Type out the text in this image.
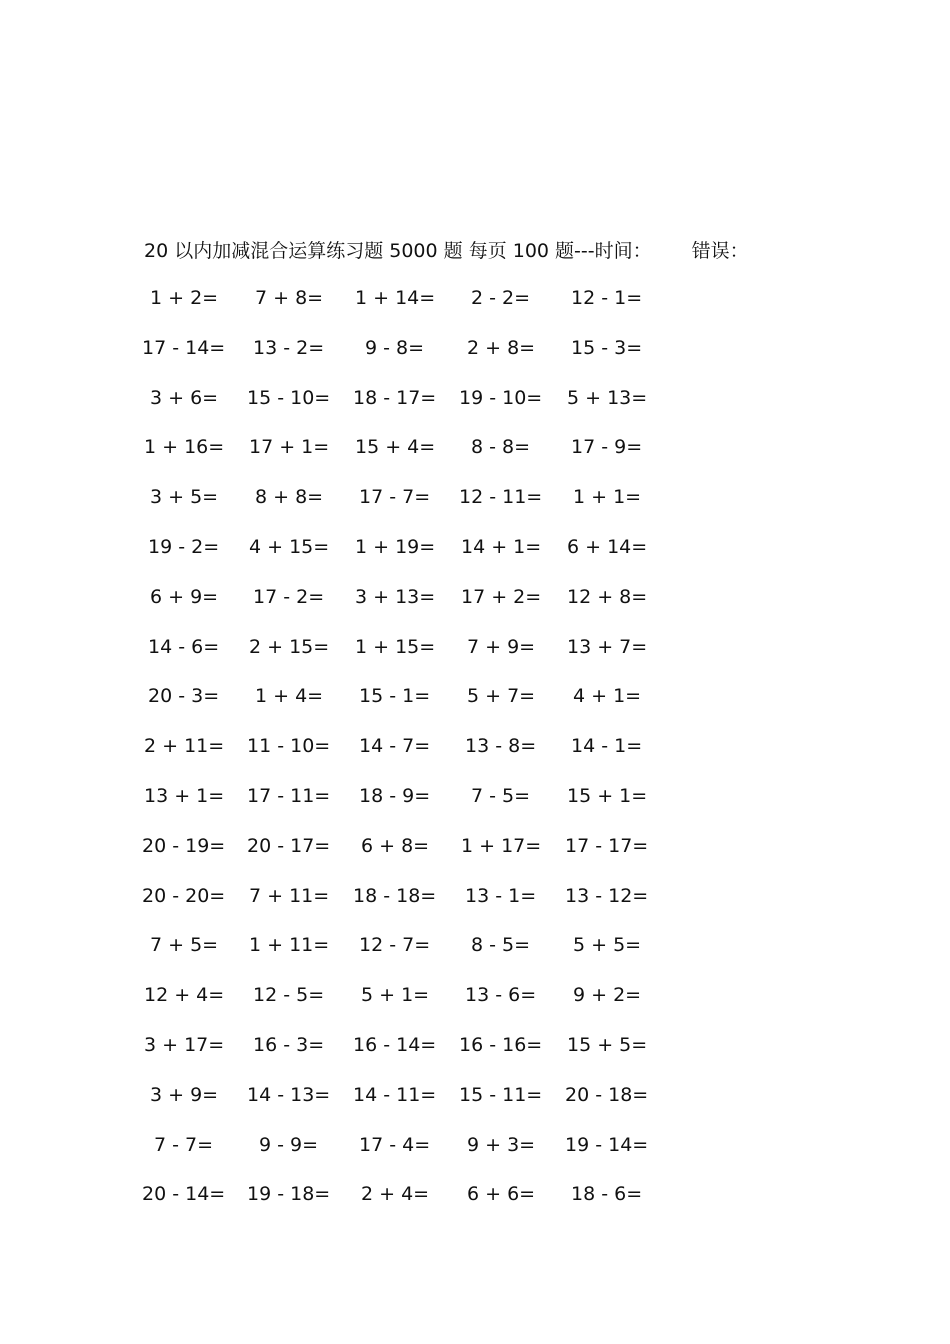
20 以内加减混合运算练习题 5000 题 每页 100 题---时间： 错误：
1 + 2= 7 + 8= 1 + 14= 2 - 2= 12 - 1=
17 - 14= 13 - 2= 9 - 8= 2 + 8= 15 - 3=
3 + 6= 15 - 10= 18 - 17= 19 - 10= 5 + 13=
1 + 16= 17 + 1= 15 + 4= 8 - 8= 17 - 9=
3 + 5= 8 + 8= 17 - 7= 12 - 11= 1 + 1=
19 - 2= 4 + 15= 1 + 19= 14 + 1= 6 + 14=
6 + 9= 17 - 2= 3 + 13= 17 + 2= 12 + 8=
14 - 6= 2 + 15= 1 + 15= 7 + 9= 13 + 7=
20 - 3= 1 + 4= 15 - 1= 5 + 7= 4 + 1=
2 + 11= 11 - 10= 14 - 7= 13 - 8= 14 - 1=
13 + 1= 17 - 11= 18 - 9= 7 - 5= 15 + 1=
20 - 19= 20 - 17= 6 + 8= 1 + 17= 17 - 17=
20 - 20= 7 + 11= 18 - 18= 13 - 1= 13 - 12=
7 + 5= 1 + 11= 12 - 7= 8 - 5= 5 + 5=
12 + 4= 12 - 5= 5 + 1= 13 - 6= 9 + 2=
3 + 17= 16 - 3= 16 - 14= 16 - 16= 15 + 5=
3 + 9= 14 - 13= 14 - 11= 15 - 11= 20 - 18=
7 - 7= 9 - 9= 17 - 4= 9 + 3= 19 - 14=
20 - 14= 19 - 18= 2 + 4= 6 + 6= 18 - 6=
